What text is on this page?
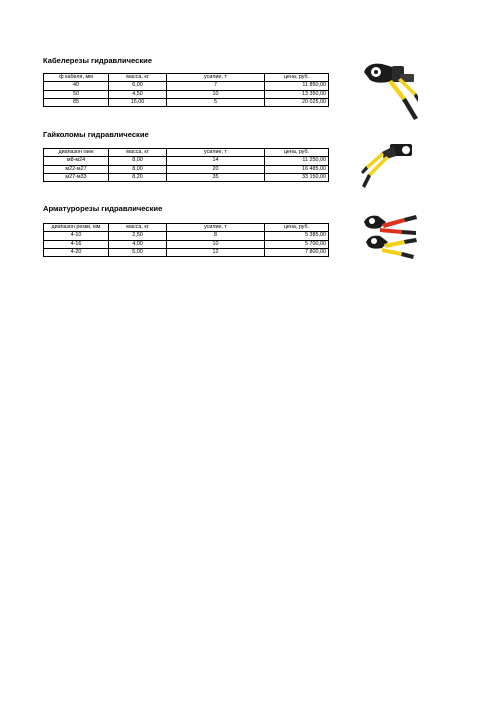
Кабелерезы гидравлические
ф кабеля, мм	масса, кг	усилие, т	цена, руб.
40	6,00	7	11 850,00
50	4,50	10	13 350,00
85	15,00	5	20 025,00
Гайколомы гидравлические
диапазон гаек	масса, кг	усилие, т	цена, руб.
м8-м24	8,00	14	11 250,00
м22-м27	8,00	20	16 485,00
м27-м33	8,20	35	33 150,00
Арматурорезы гидравлические
диапазон резки, мм	масса, кг	усилие, т	цена, руб.
4-10	2,50	8	5 385,00
4-16	4,00	10	5 700,00
4-20	5,00	12	7 800,00
